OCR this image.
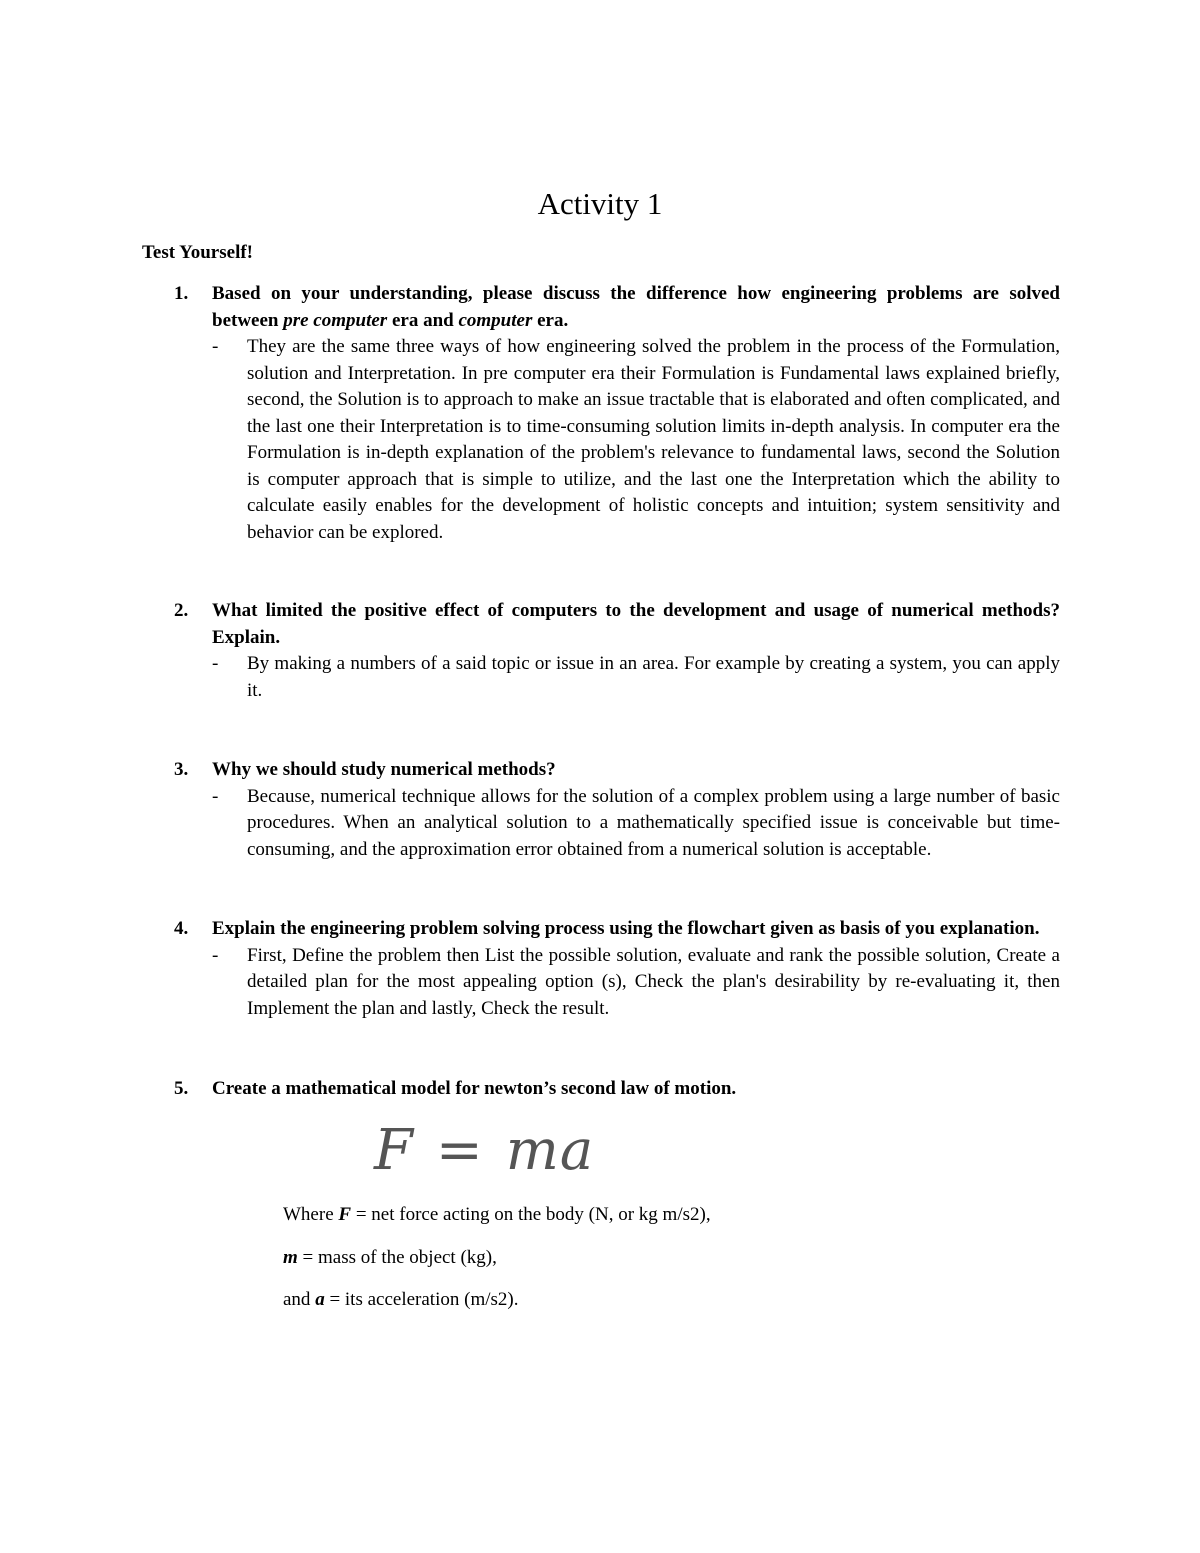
Activity 1

Test Yourself!

1. Based on your understanding, please discuss the difference how engineering problems are solved between pre computer era and computer era.

- They are the same three ways of how engineering solved the problem in the process of the Formulation, solution and Interpretation. In pre computer era their Formulation is Fundamental laws explained briefly, second, the Solution is to approach to make an issue tractable that is elaborated and often complicated, and the last one their Interpretation is to time-consuming solution limits in-depth analysis. In computer era the Formulation is in-depth explanation of the problem's relevance to fundamental laws, second the Solution is computer approach that is simple to utilize, and the last one the Interpretation which the ability to calculate easily enables for the development of holistic concepts and intuition; system sensitivity and behavior can be explored.

2. What limited the positive effect of computers to the development and usage of numerical methods? Explain.

- By making a numbers of a said topic or issue in an area. For example by creating a system, you can apply it.

3. Why we should study numerical methods?

- Because, numerical technique allows for the solution of a complex problem using a large number of basic procedures. When an analytical solution to a mathematically specified issue is conceivable but time-consuming, and the approximation error obtained from a numerical solution is acceptable.

4. Explain the engineering problem solving process using the flowchart given as basis of you explanation.

- First, Define the problem then List the possible solution, evaluate and rank the possible solution, Create a detailed plan for the most appealing option (s), Check the plan's desirability by re-evaluating it, then Implement the plan and lastly, Check the result.

5. Create a mathematical model for newton’s second law of motion.

F = ma

Where F = net force acting on the body (N, or kg m/s2),

m = mass of the object (kg),

and a = its acceleration (m/s2).
